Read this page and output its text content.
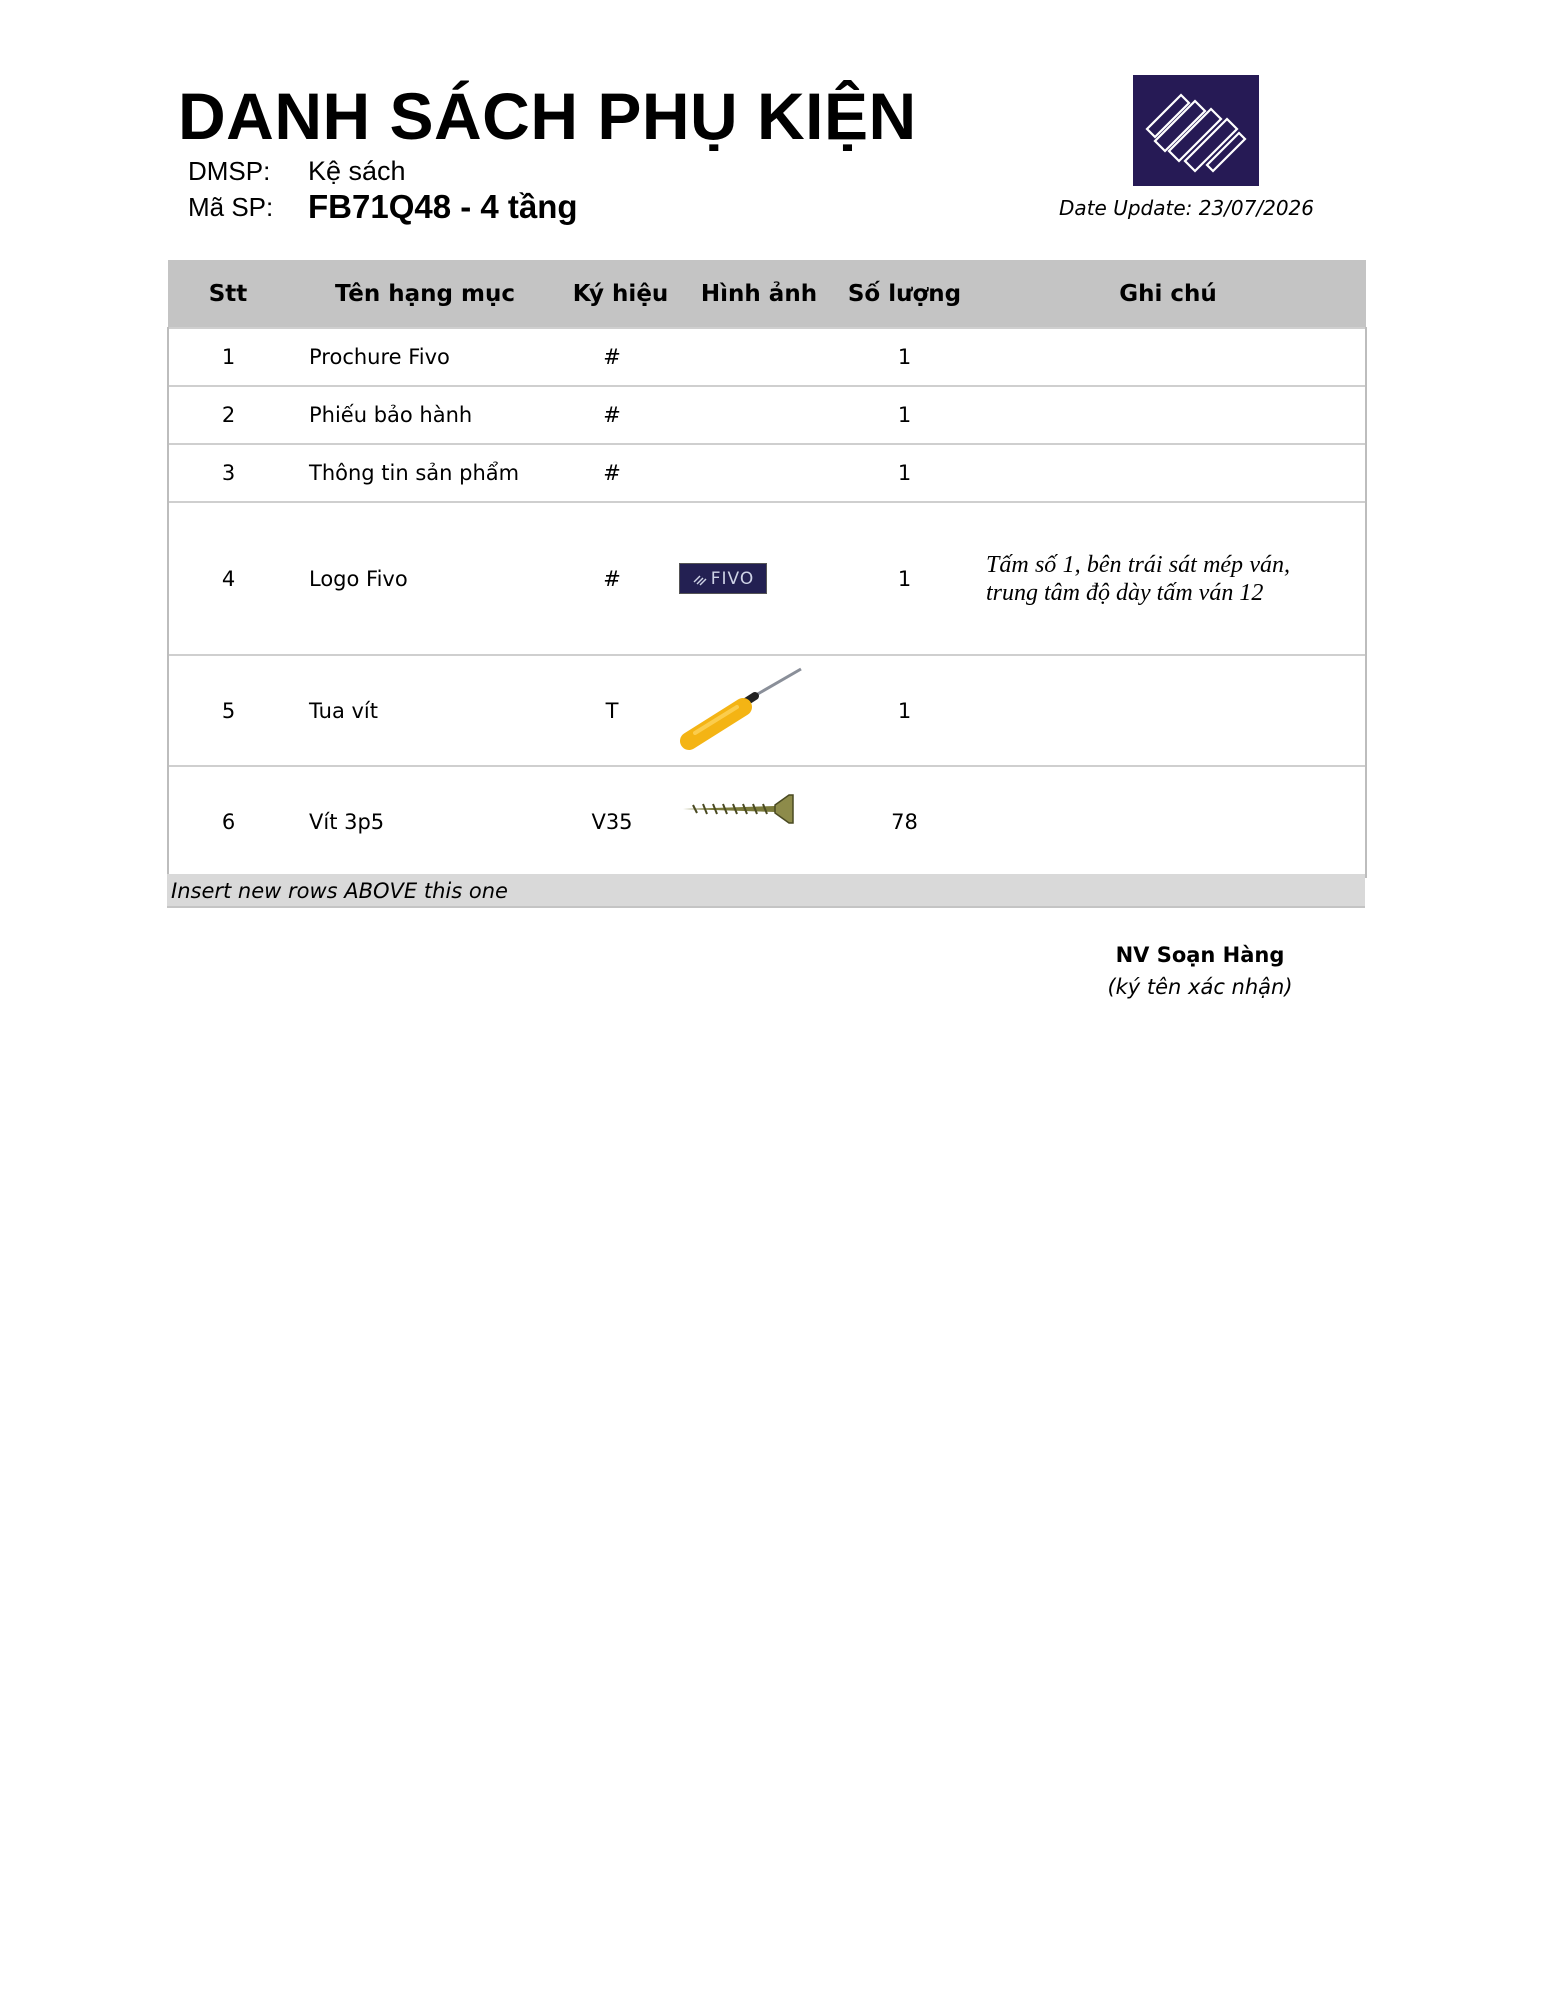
DANH SÁCH PHỤ KIỆN
DMSP: Kệ sách
Mã SP: FB71Q48 - 4 tầng	Date Update: 23/07/2026
Stt	Tên hạng mục	Ký hiệu	Hình ảnh	Số lượng	Ghi chú
1	Prochure Fivo	#		1	
2	Phiếu bảo hành	#		1	
3	Thông tin sản phẩm	#		1	
4	Logo Fivo	#	FIVO	1	Tấm số 1, bên trái sát mép ván, trung tâm độ dày tấm ván 12
5	Tua vít	T		1	
6	Vít 3p5	V35		78	
Insert new rows ABOVE this one
NV Soạn Hàng
(ký tên xác nhận)
